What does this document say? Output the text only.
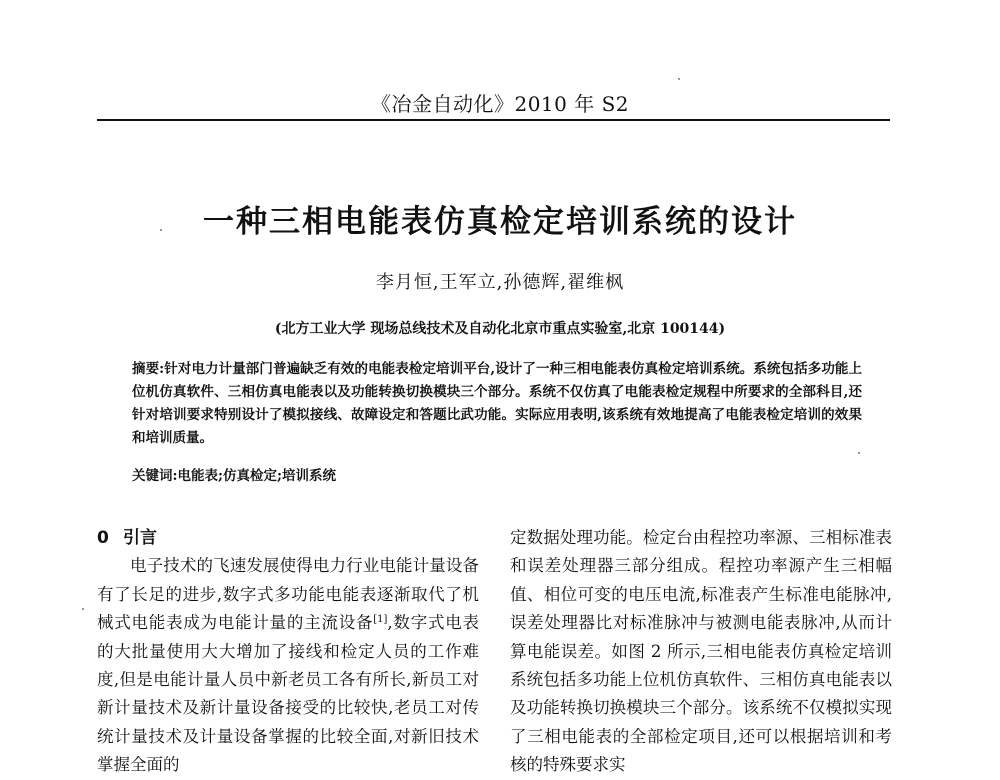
《冶金自动化》2010 年 S2
一种三相电能表仿真检定培训系统的设计
李月恒,王军立,孙德辉,翟维枫
(北方工业大学 现场总线技术及自动化北京市重点实验室,北京 100144)
摘要:针对电力计量部门普遍缺乏有效的电能表检定培训平台,设计了一种三相电能表仿真检定培训系统。系统包括多功能上位机仿真软件、三相仿真电能表以及功能转换切换模块三个部分。系统不仅仿真了电能表检定规程中所要求的全部科目,还针对培训要求特别设计了模拟接线、故障设定和答题比武功能。实际应用表明,该系统有效地提高了电能表检定培训的效果和培训质量。
关键词:电能表;仿真检定;培训系统
0 引言

电子技术的飞速发展使得电力行业电能计量设备有了长足的进步,数字式多功能电能表逐渐取代了机械式电能表成为电能计量的主流设备[1],数字式电表的大批量使用大大增加了接线和检定人员的工作难度,但是电能计量人员中新老员工各有所长,新员工对新计量技术及新计量设备接受的比较快,老员工对传统计量技术及计量设备掌握的比较全面,对新旧技术掌握全面的

定数据处理功能。检定台由程控功率源、三相标准表和误差处理器三部分组成。程控功率源产生三相幅值、相位可变的电压电流,标准表产生标准电能脉冲,误差处理器比对标准脉冲与被测电能表脉冲,从而计算电能误差。如图 2 所示,三相电能表仿真检定培训系统包括多功能上位机仿真软件、三相仿真电能表以及功能转换切换模块三个部分。该系统不仅模拟实现了三相电能表的全部检定项目,还可以根据培训和考核的特殊要求实
